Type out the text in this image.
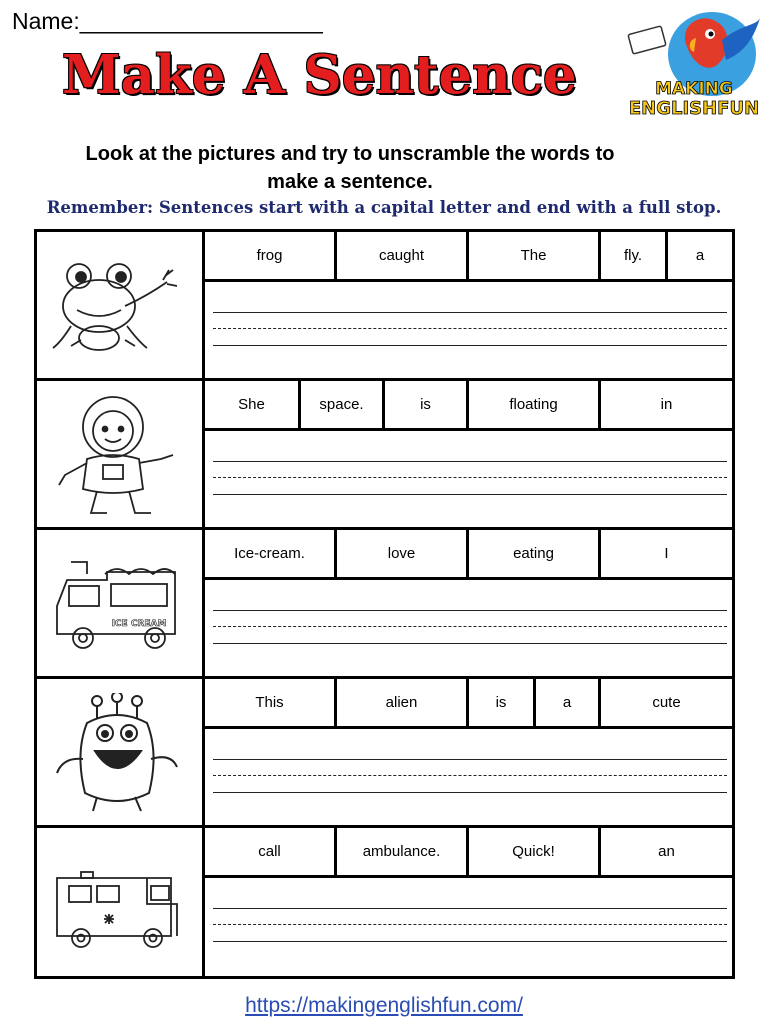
Name:___________________
Make A Sentence	MAKING
ENGLISHFUN
Look at the pictures and try to unscramble the words to
make a sentence.
Remember: Sentences start with a capital letter and end with a full stop.
frog	caught	The	fly.	a
She	space.	is	floating	in
ICE CREAM
Ice-cream.	love	eating	I
This	alien	is	a	cute
call	ambulance.	Quick!	an
https://makingenglishfun.com/
